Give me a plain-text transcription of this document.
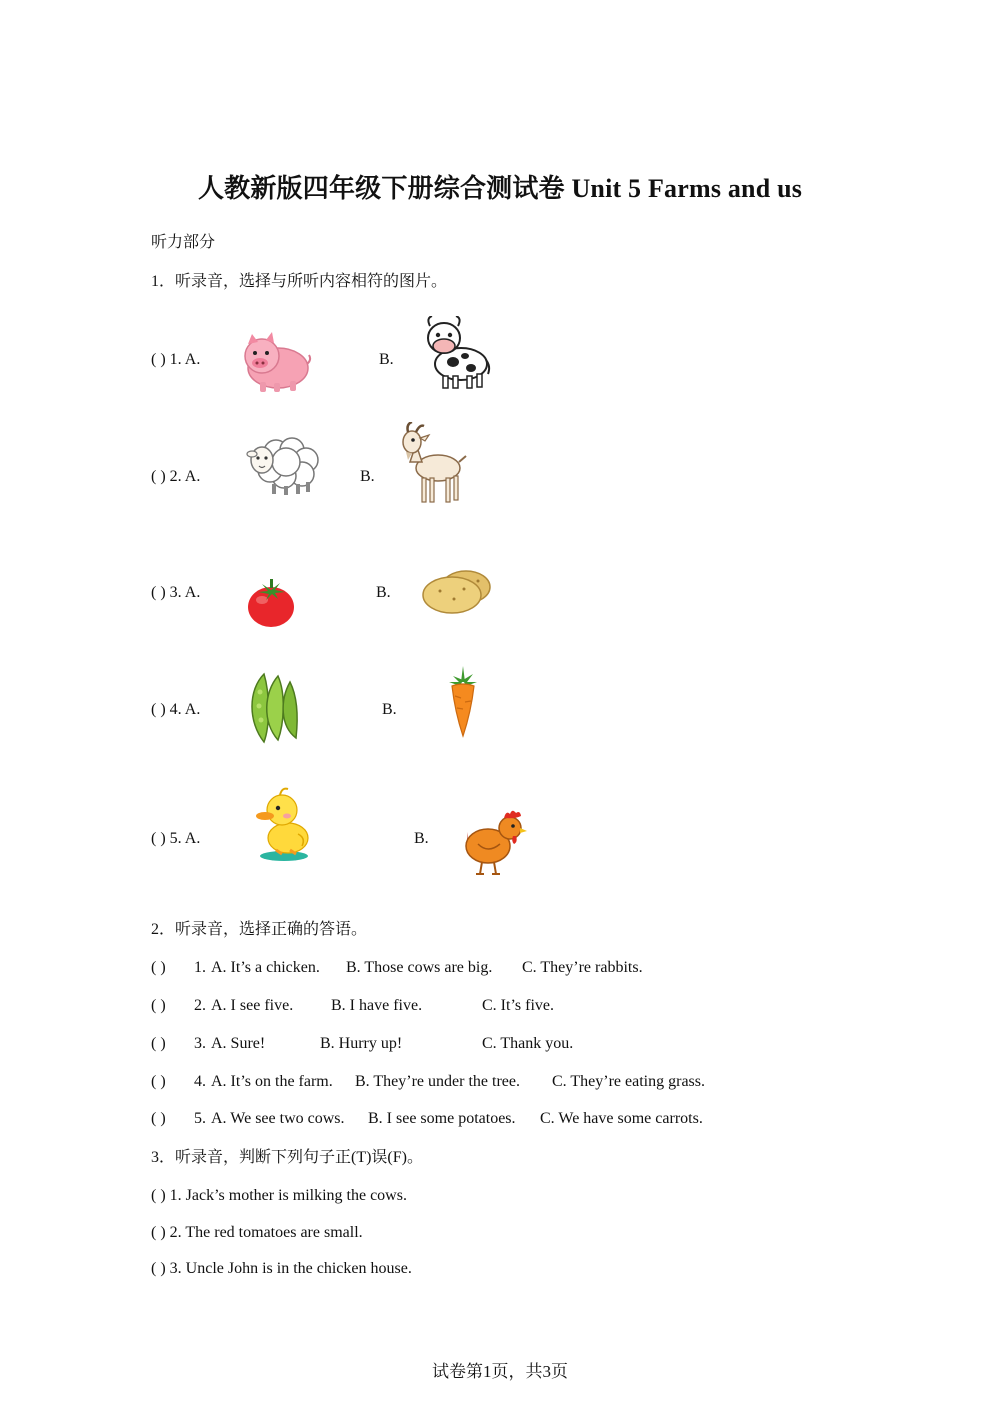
人教新版四年级下册综合测试卷 Unit 5 Farms and us
听力部分
1．听录音，选择与所听内容相符的图片。
( ) 1. A.	B.
( ) 2. A.	B.
( ) 3. A.	B.
( ) 4. A.	B.
( ) 5. A.	B.
2．听录音，选择正确的答语。
( ) 1. A. It’s a chicken. B. Those cows are big. C. They’re rabbits.
( ) 2. A. I see five. B. I have five.	C. It’s five.
( ) 3. A. Sure!	B. Hurry up!	C. Thank you.
( ) 4. A. It’s on the farm. B. They’re under the tree. C. They’re eating grass.
( ) 5. A. We see two cows. B. I see some potatoes. C. We have some carrots.
3．听录音，判断下列句子正(T)误(F)。
( ) 1. Jack’s mother is milking the cows.
( ) 2. The red tomatoes are small.
( ) 3. Uncle John is in the chicken house.
试卷第1页，共3页
